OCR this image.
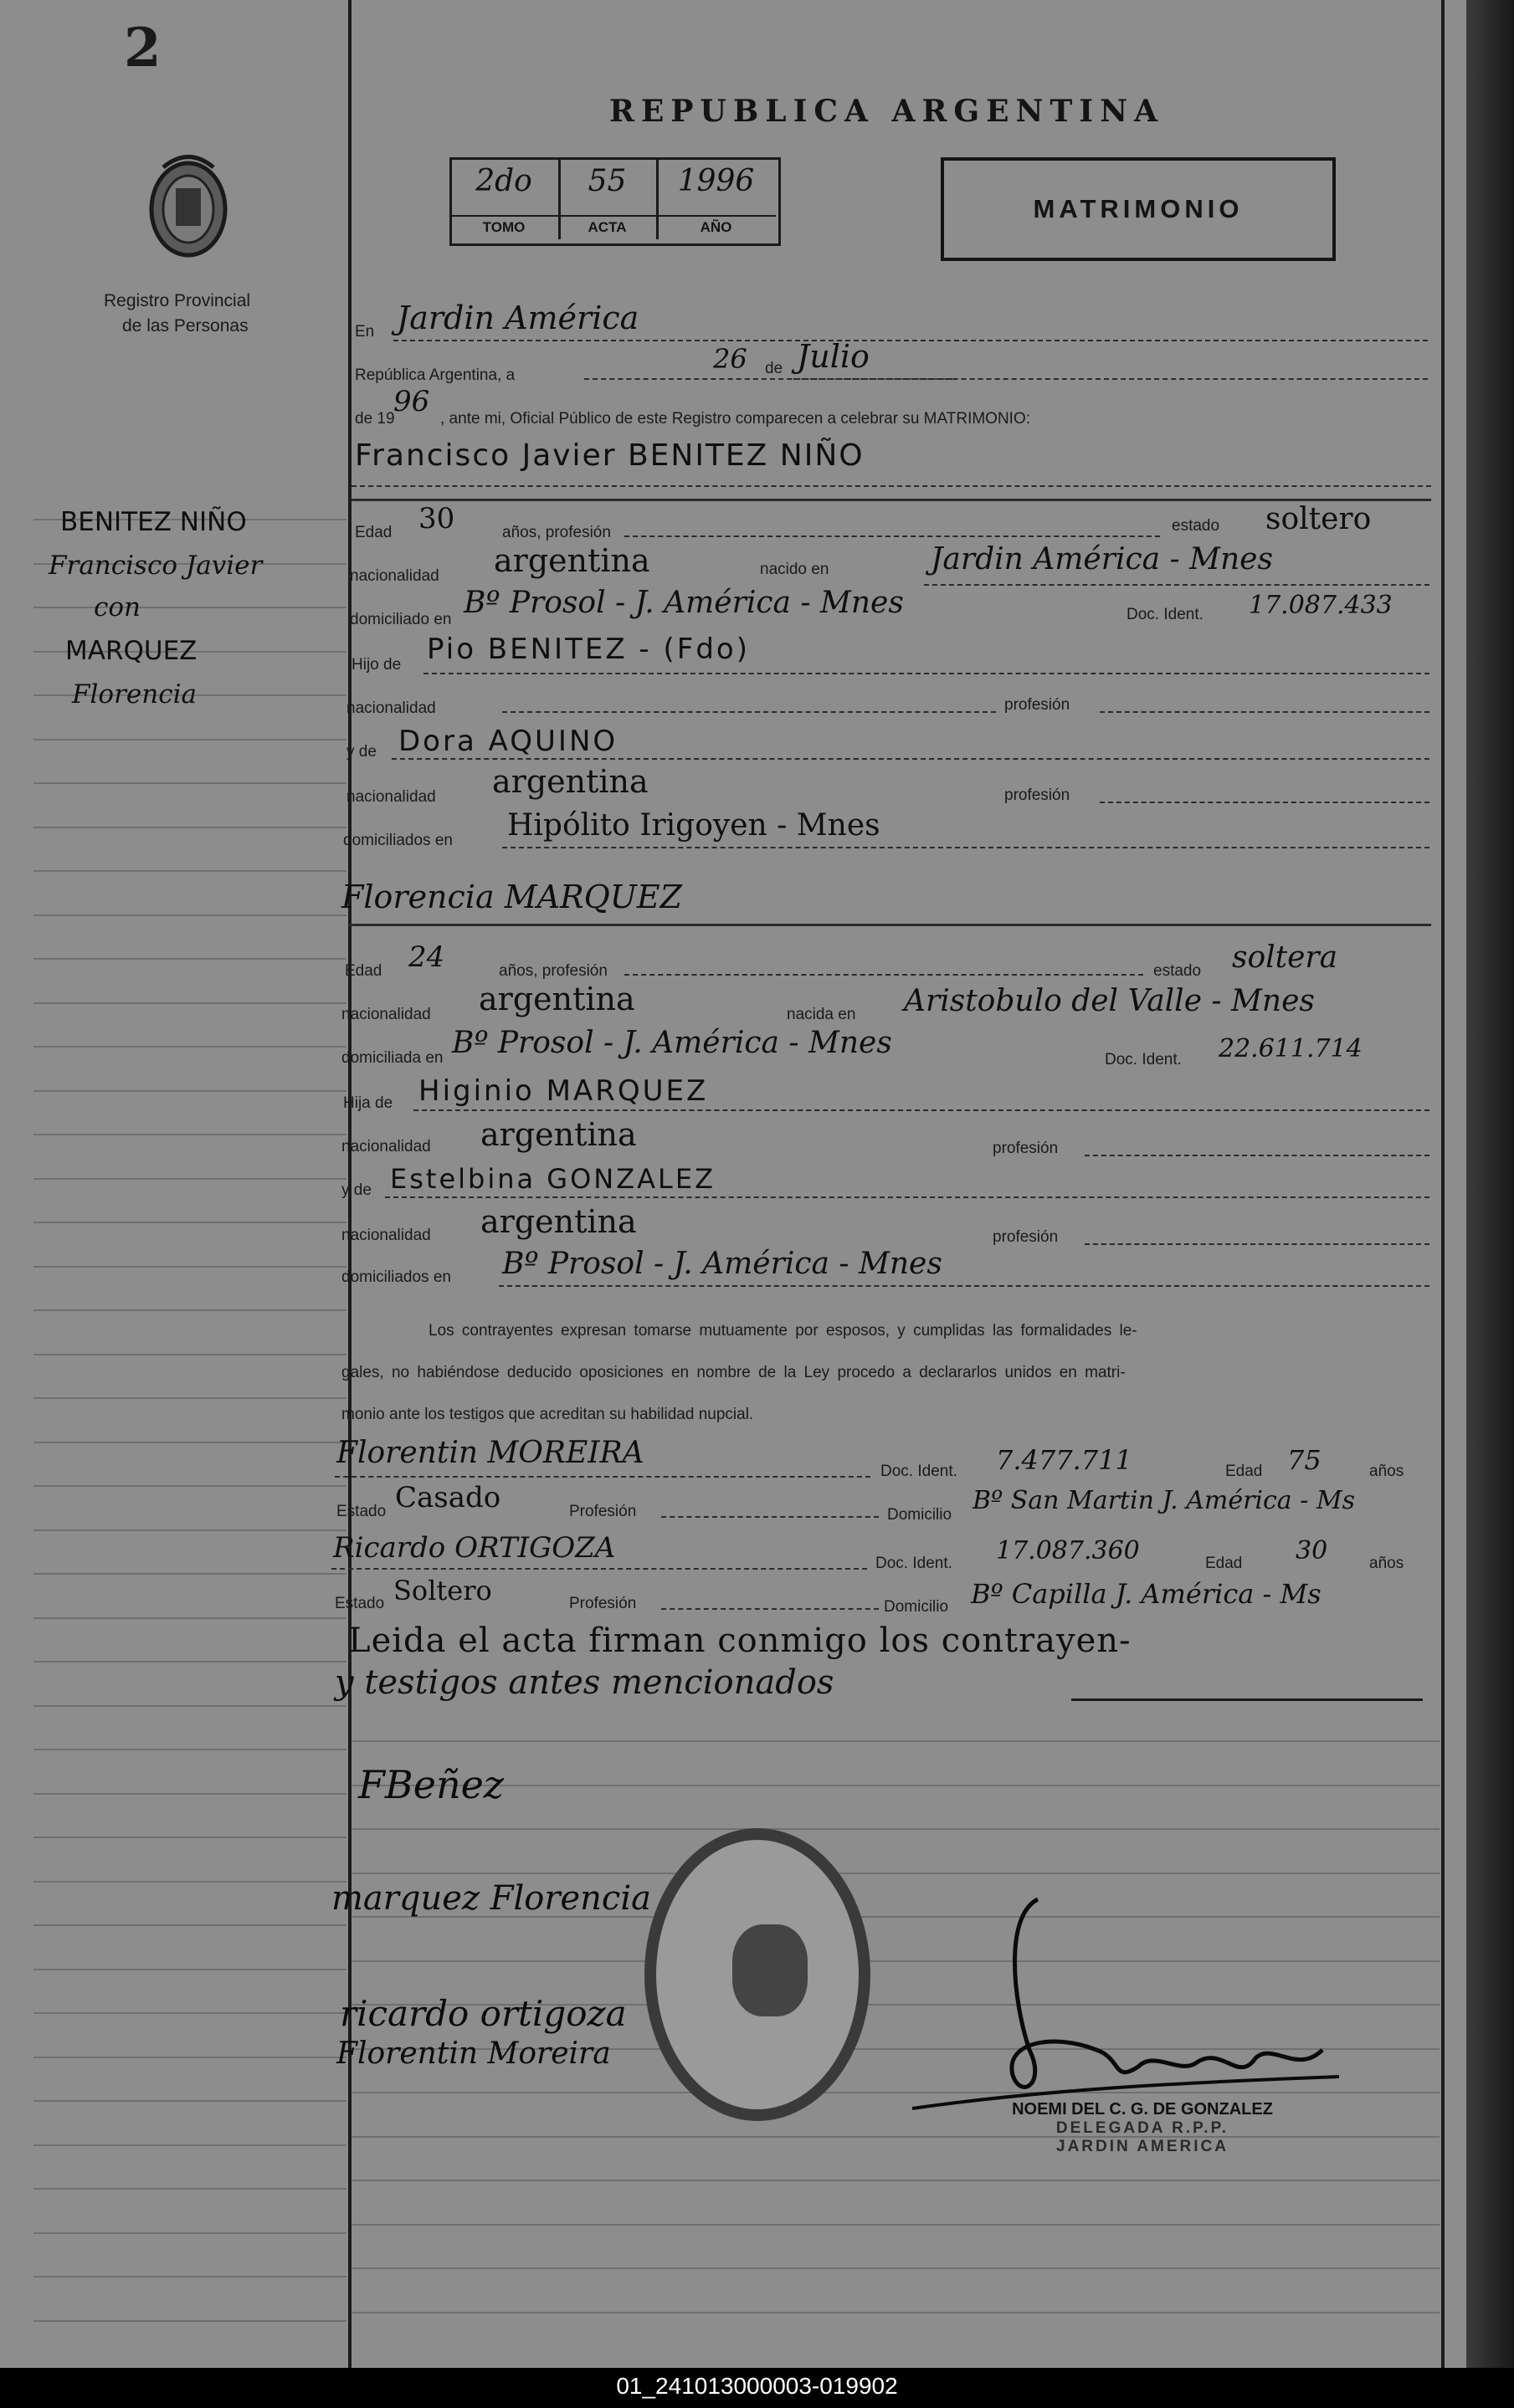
2
Registro Provincial
de las Personas
BENITEZ NIÑO
Francisco Javier
con
MARQUEZ
Florencia
REPUBLICA ARGENTINA
2do
TOMO
55
ACTA
1996
AÑO
MATRIMONIO
En Jardin América
República Argentina, a
26 de Julio
de 19
96
, ante mi, Oficial Público de este Registro comparecen a celebrar su MATRIMONIO:
Francisco Javier BENITEZ NIÑO
Edad 30	años, profesión	estado soltero
nacionalidad argentina	nacido en	Jardin América - Mnes
domiciliado en Bº Prosol - J. América - Mnes	Doc. Ident. 17.087.433
Hijo de Pio BENITEZ - (Fdo)
nacionalidad	profesión
y de Dora AQUINO
nacionalidad argentina	profesión
domiciliados en Hipólito Irigoyen - Mnes
Florencia MARQUEZ
Edad 24	años, profesión	estado soltera
nacionalidad argentina	nacida en Aristobulo del Valle - Mnes
domiciliada en Bº Prosol - J. América - Mnes	Doc. Ident. 22.611.714
Hija de Higinio MARQUEZ
nacionalidad argentina	profesión
y de Estelbina GONZALEZ
nacionalidad argentina	profesión
domiciliados en Bº Prosol - J. América - Mnes
Los contrayentes expresan tomarse mutuamente por esposos, y cumplidas las formalidades le-
gales, no habiéndose deducido oposiciones en nombre de la Ley procedo a declararlos unidos en matri-
monio ante los testigos que acreditan su habilidad nupcial.
Florentin MOREIRA
Doc. Ident. 7.477.711	Edad 75	años
Estado Casado	Profesión	Domicilio Bº San Martin J. América - Ms
Ricardo ORTIGOZA	Doc. Ident. 17.087.360	Edad 30	años
Estado Soltero	Profesión	Domicilio Bº Capilla J. América - Ms
Leida el acta firman conmigo los contrayen-
y testigos antes mencionados
FBeñez
marquez Florencia
ricardo ortigoza
Florentin Moreira
NOEMI DEL C. G. DE GONZALEZ
DELEGADA R.P.P.
JARDIN AMERICA
01_241013000003-019902
